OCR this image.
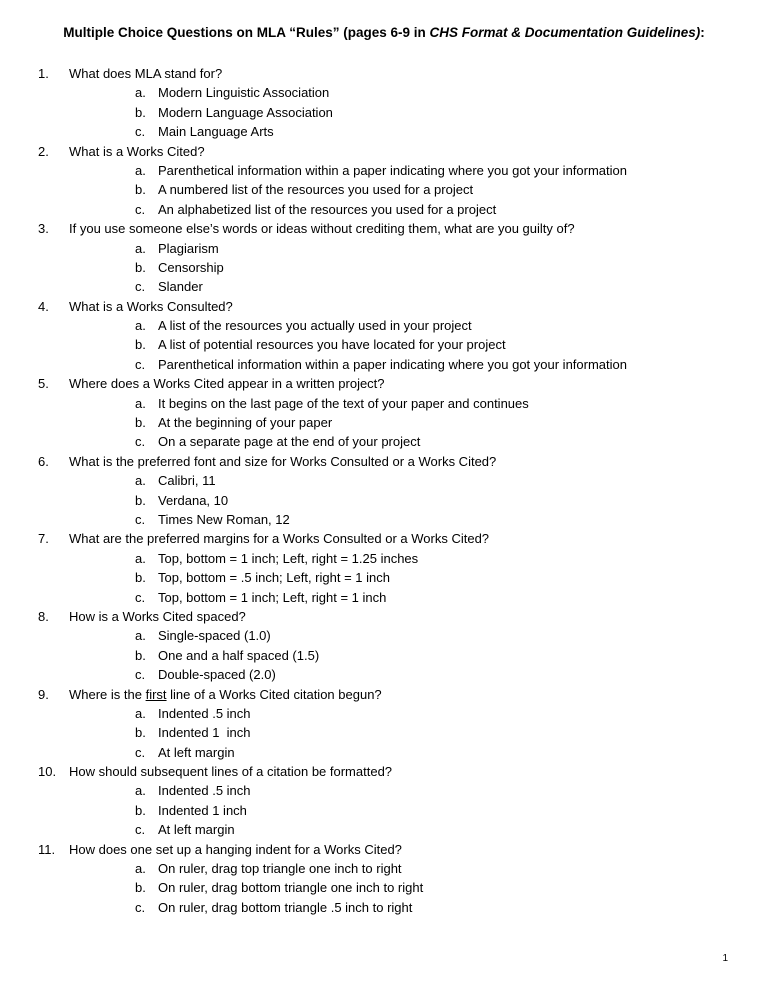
Multiple Choice Questions on MLA “Rules” (pages 6-9 in CHS Format & Documentation Guidelines):
1.	What does MLA stand for?
a. Modern Linguistic Association
b. Modern Language Association
c. Main Language Arts
2.	What is a Works Cited?
a. Parenthetical information within a paper indicating where you got your information
b. A numbered list of the resources you used for a project
c. An alphabetized list of the resources you used for a project
3.	If you use someone else’s words or ideas without crediting them, what are you guilty of?
a. Plagiarism
b. Censorship
c. Slander
4.	What is a Works Consulted?
a. A list of the resources you actually used in your project
b. A list of potential resources you have located for your project
c. Parenthetical information within a paper indicating where you got your information
5.	Where does a Works Cited appear in a written project?
a. It begins on the last page of the text of your paper and continues
b. At the beginning of your paper
c. On a separate page at the end of your project
6.	What is the preferred font and size for Works Consulted or a Works Cited?
a. Calibri, 11
b. Verdana, 10
c. Times New Roman, 12
7.	What are the preferred margins for a Works Consulted or a Works Cited?
a. Top, bottom = 1 inch; Left, right = 1.25 inches
b. Top, bottom = .5 inch; Left, right = 1 inch
c. Top, bottom = 1 inch; Left, right = 1 inch
8.	How is a Works Cited spaced?
a. Single-spaced (1.0)
b. One and a half spaced (1.5)
c. Double-spaced (2.0)
9.	Where is the first line of a Works Cited citation begun?
a. Indented .5 inch
b. Indented 1  inch
c. At left margin
10. How should subsequent lines of a citation be formatted?
a. Indented .5 inch
b. Indented 1 inch
c. At left margin
11.	How does one set up a hanging indent for a Works Cited?
a. On ruler, drag top triangle one inch to right
b. On ruler, drag bottom triangle one inch to right
c. On ruler, drag bottom triangle .5 inch to right
1
